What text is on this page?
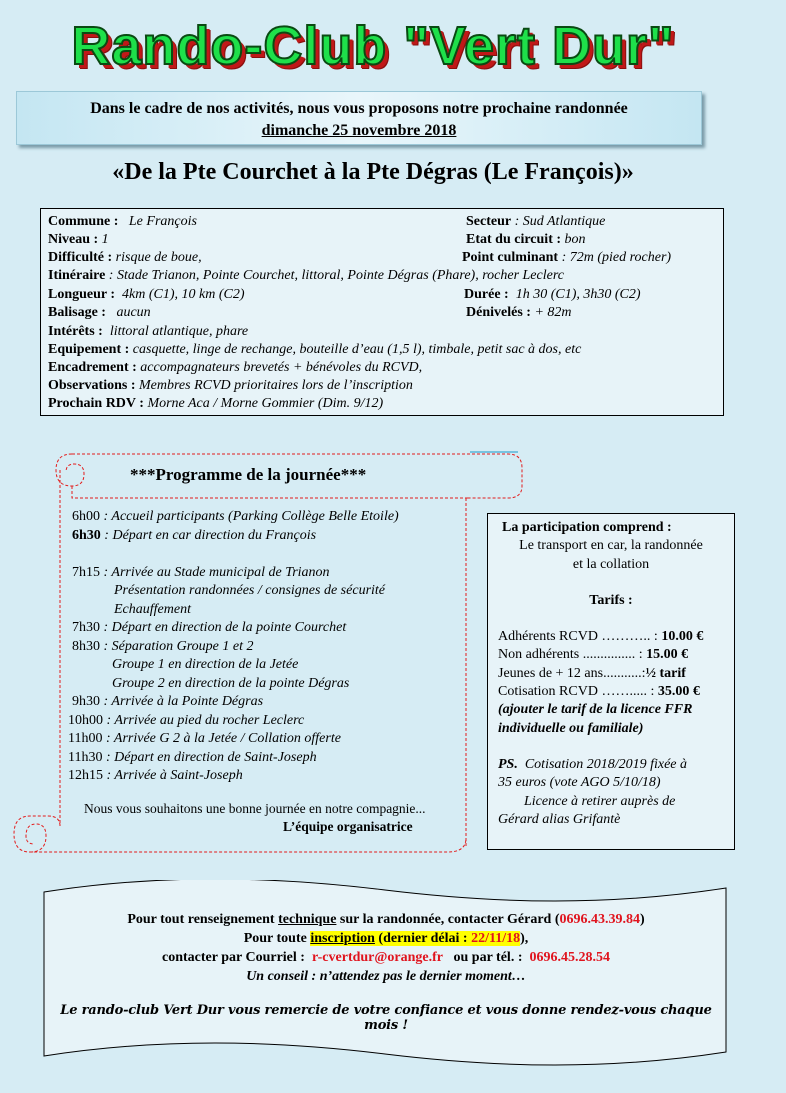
Rando-Club "Vert Dur"
Dans le cadre de nos activités, nous vous proposons notre prochaine randonnée
dimanche 25 novembre 2018
«De la Pte Courchet à la Pte Dégras (Le François)»
Commune : Le François	Secteur : Sud Atlantique
Niveau : 1	Etat du circuit : bon
Difficulté : risque de boue,	Point culminant : 72m (pied rocher)
Itinéraire : Stade Trianon, Pointe Courchet, littoral, Pointe Dégras (Phare), rocher Leclerc
Longueur : 4km (C1), 10 km (C2)	Durée : 1h 30 (C1), 3h30 (C2)
Balisage : aucun	Dénivelés : + 82m
Intérêts : littoral atlantique, phare
Equipement : casquette, linge de rechange, bouteille d’eau (1,5 l), timbale, petit sac à dos, etc
Encadrement : accompagnateurs brevetés + bénévoles du RCVD,
Observations : Membres RCVD prioritaires lors de l’inscription
Prochain RDV : Morne Aca / Morne Gommier (Dim. 9/12)
***Programme de la journée***
6h00 : Accueil participants (Parking Collège Belle Etoile)
6h30 : Départ en car direction du François
7h15 : Arrivée au Stade municipal de Trianon
Présentation randonnées / consignes de sécurité
Echauffement
7h30 : Départ en direction de la pointe Courchet
8h30 : Séparation Groupe 1 et 2
Groupe 1 en direction de la Jetée
Groupe 2 en direction de la pointe Dégras
9h30 : Arrivée à la Pointe Dégras
10h00 : Arrivée au pied du rocher Leclerc
11h00 : Arrivée G 2 à la Jetée / Collation offerte
11h30 : Départ en direction de Saint-Joseph
12h15 : Arrivée à Saint-Joseph
Nous vous souhaitons une bonne journée en notre compagnie...
L’équipe organisatrice
La participation comprend :
Le transport en car, la randonnée
et la collation
Tarifs :
Adhérents RCVD ……….. : 10.00 €
Non adhérents ............... : 15.00 €
Jeunes de + 12 ans...........:½ tarif
Cotisation RCVD ……..... : 35.00 €
(ajouter le tarif de la licence FFR
individuelle ou familiale)
PS. Cotisation 2018/2019 fixée à
35 euros (vote AGO 5/10/18)
Licence à retirer auprès de
Gérard alias Grifantè
Pour tout renseignement technique sur la randonnée, contacter Gérard (0696.43.39.84)
Pour toute inscription (dernier délai : 22/11/18),
contacter par Courriel : r-cvertdur@orange.fr ou par tél. : 0696.45.28.54
Un conseil : n’attendez pas le dernier moment…
Le rando-club Vert Dur vous remercie de votre confiance et vous donne rendez-vous chaque mois !
